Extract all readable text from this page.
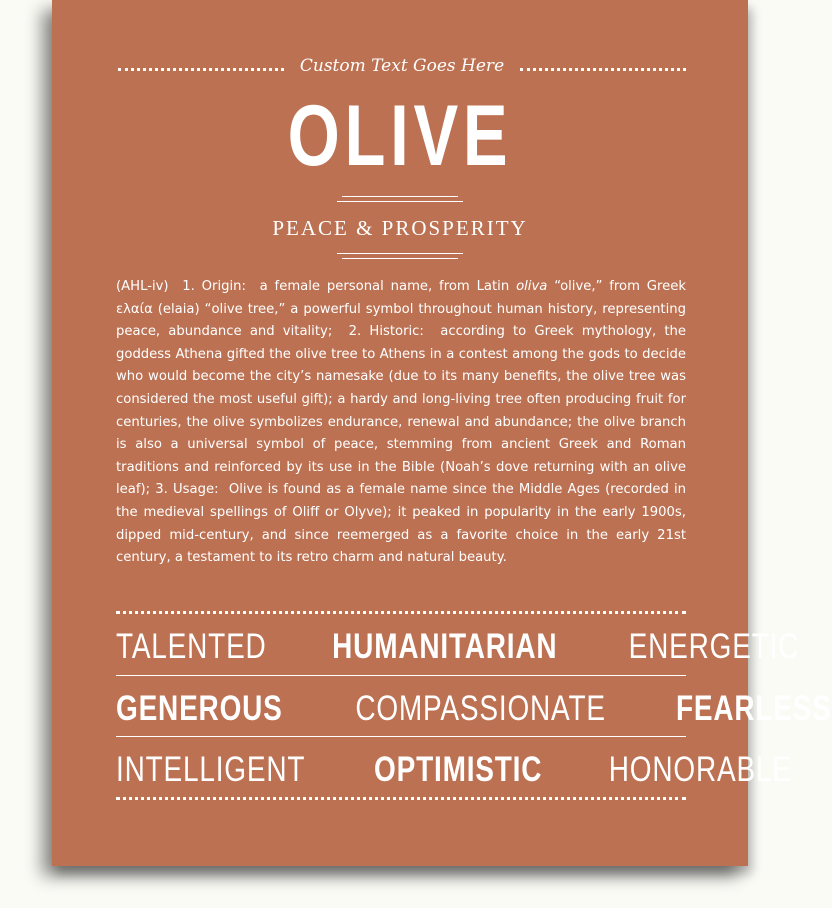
Custom Text Goes Here
OLIVE
PEACE & PROSPERITY
(AHL-iv) 1. Origin: a female personal name, from Latin oliva “olive,” from Greek ελαία (elaia) “olive tree,” a powerful symbol throughout human history, representing peace, abundance and vitality; 2. Historic: according to Greek mythology, the goddess Athena gifted the olive tree to Athens in a contest among the gods to decide who would become the city’s namesake (due to its many benefits, the olive tree was considered the most useful gift); a hardy and long-living tree often producing fruit for centuries, the olive symbolizes endurance, renewal and abundance; the olive branch is also a universal symbol of peace, stemming from ancient Greek and Roman traditions and reinforced by its use in the Bible (Noah’s dove returning with an olive leaf); 3. Usage: Olive is found as a female name since the Middle Ages (recorded in the medieval spellings of Oliff or Olyve); it peaked in popularity in the early 1900s, dipped mid-century, and since reemerged as a favorite choice in the early 21st century, a testament to its retro charm and natural beauty.
TALENTED HUMANITARIAN ENERGETIC
GENEROUS COMPASSIONATE FEARLESS
INTELLIGENT OPTIMISTIC HONORABLE
